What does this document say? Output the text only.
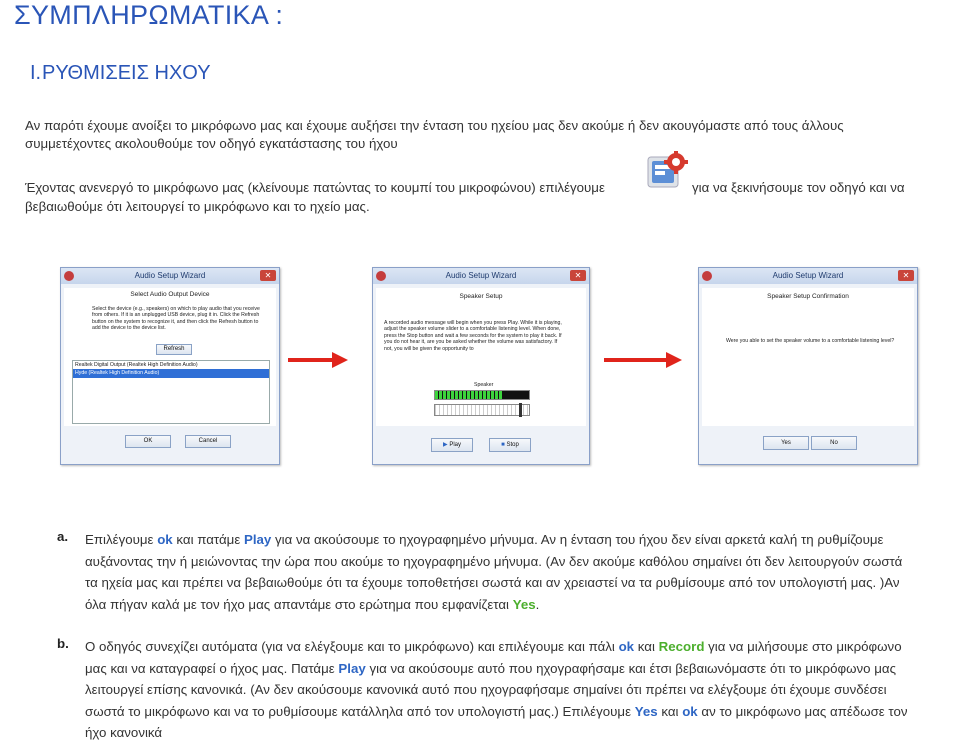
ΣΥΜΠΛΗΡΩΜΑΤΙΚΑ :
I. ΡΥΘΜΙΣΕΙΣ ΗΧΟΥ
Αν παρότι έχουμε ανοίξει το μικρόφωνο μας και έχουμε αυξήσει την ένταση του ηχείου μας δεν ακούμε ή δεν ακουγόμαστε από τους άλλους
συμμετέχοντες ακολουθούμε τον οδηγό εγκατάστασης του ήχου
Έχοντας ανενεργό το μικρόφωνο μας (κλείνουμε πατώντας το κουμπί του μικροφώνου) επιλέγουμε	για να ξεκινήσουμε τον οδηγό και να
βεβαιωθούμε ότι λειτουργεί το μικρόφωνο και το ηχείο μας.
Audio Setup Wizard	✕
Select Audio Output Device
Select the device (e.g., speakers) on which to play audio that you receive from others. If it is an unplugged USB device, plug it in. Click the Refresh button on the system to recognize it, and then click the Refresh button to add the device to the device list.
Refresh
Realtek Digital Output (Realtek High Definition Audio)
Hyde (Realtek High Definition Audio)
OK	Cancel
Audio Setup Wizard	✕
Speaker Setup
A recorded audio message will begin when you press Play. While it is playing, adjust the speaker volume slider to a comfortable listening level. When done, press the Stop button and wait a few seconds for the system to play it back. If you do not hear it, are you be asked whether the volume was satisfactory. If not, you will be given the opportunity to
Speaker
▶ Play	■ Stop
Audio Setup Wizard	✕
Speaker Setup Confirmation
Were you able to set the speaker volume to a comfortable listening level?
Yes	No
a. Επιλέγουμε ok και πατάμε Play για να ακούσουμε το ηχογραφημένο μήνυμα. Αν η ένταση του ήχου δεν είναι αρκετά καλή τη ρυθμίζουμε
αυξάνοντας την ή μειώνοντας την ώρα που ακούμε το ηχογραφημένο μήνυμα. (Αν δεν ακούμε καθόλου σημαίνει ότι δεν λειτουργούν σωστά
τα ηχεία μας και πρέπει να βεβαιωθούμε ότι τα έχουμε τοποθετήσει σωστά και αν χρειαστεί να τα ρυθμίσουμε από τον υπολογιστή μας. )Αν
όλα πήγαν καλά με τον ήχο μας απαντάμε στο ερώτημα που εμφανίζεται Yes.
b. Ο οδηγός συνεχίζει αυτόματα (για να ελέγξουμε και το μικρόφωνο) και επιλέγουμε και πάλι ok και Record για να μιλήσουμε στο μικρόφωνο
μας και να καταγραφεί ο ήχος μας. Πατάμε Play για να ακούσουμε αυτό που ηχογραφήσαμε και έτσι βεβαιωνόμαστε ότι το μικρόφωνο μας
λειτουργεί επίσης κανονικά. (Αν δεν ακούσουμε κανονικά αυτό που ηχογραφήσαμε σημαίνει ότι πρέπει να ελέγξουμε ότι έχουμε συνδέσει
σωστά το μικρόφωνο και να το ρυθμίσουμε κατάλληλα από τον υπολογιστή μας.) Επιλέγουμε Yes και ok αν το μικρόφωνο μας απέδωσε τον
ήχο κανονικά
